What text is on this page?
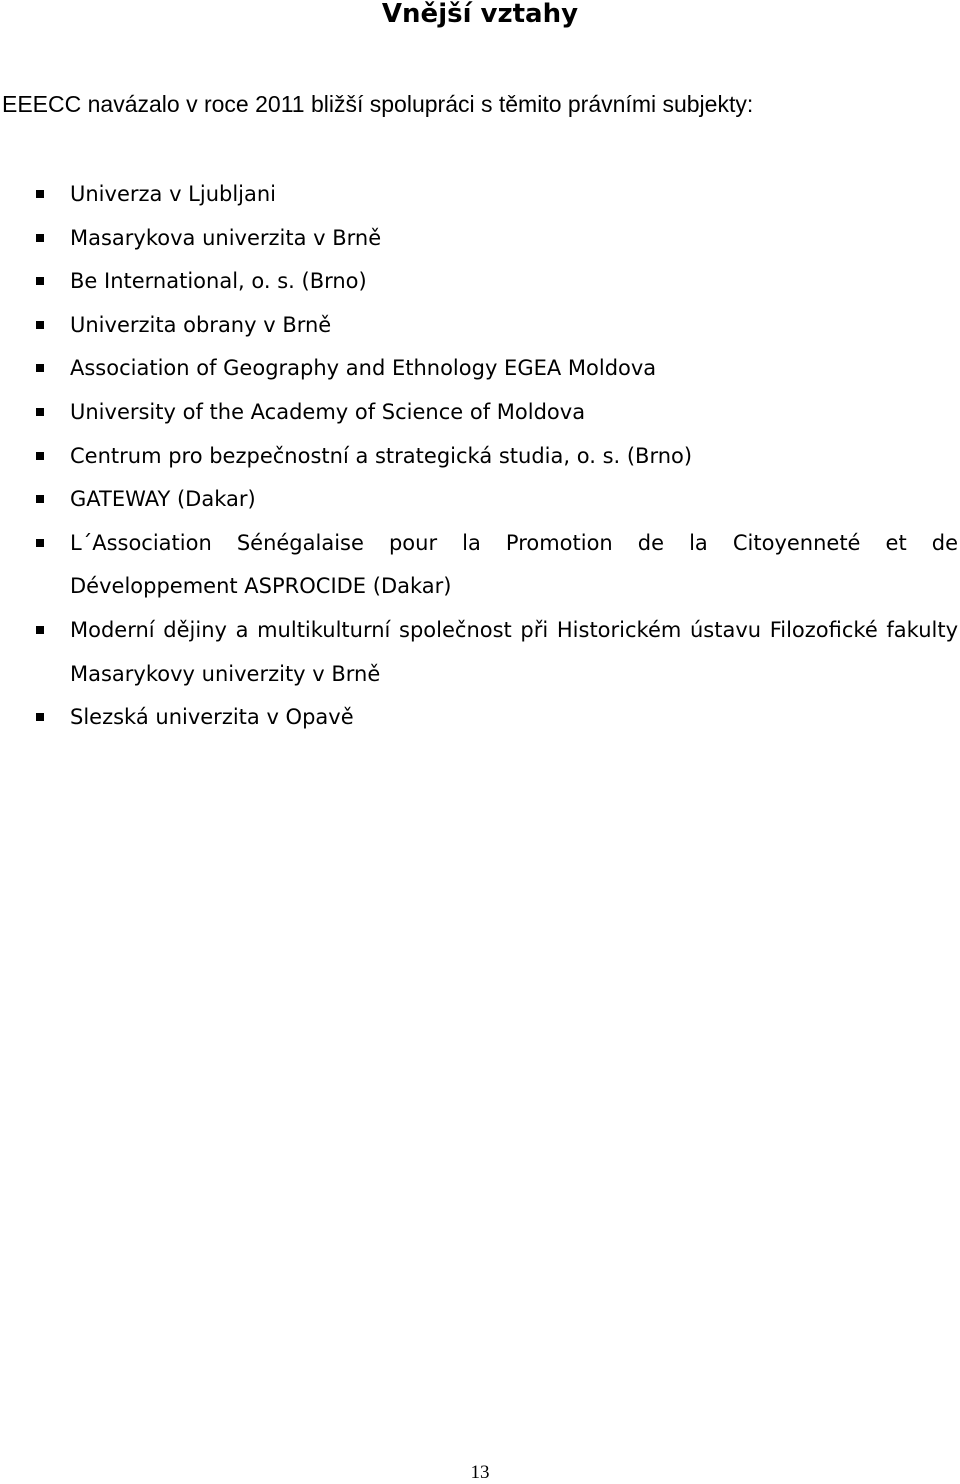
Vnější vztahy

EEECC navázalo v roce 2011 bližší spolupráci s těmito právními subjekty:

Univerza v Ljubljani
Masarykova univerzita v Brně
Be International, o. s. (Brno)
Univerzita obrany v Brně
Association of Geography and Ethnology EGEA Moldova
University of the Academy of Science of Moldova
Centrum pro bezpečnostní a strategická studia, o. s. (Brno)
GATEWAY (Dakar)
L´Association Sénégalaise pour la Promotion de la Citoyenneté et de Développement ASPROCIDE (Dakar)
Moderní dějiny a multikulturní společnost při Historickém ústavu Filozofické fakulty Masarykovy univerzity v Brně
Slezská univerzita v Opavě
13
